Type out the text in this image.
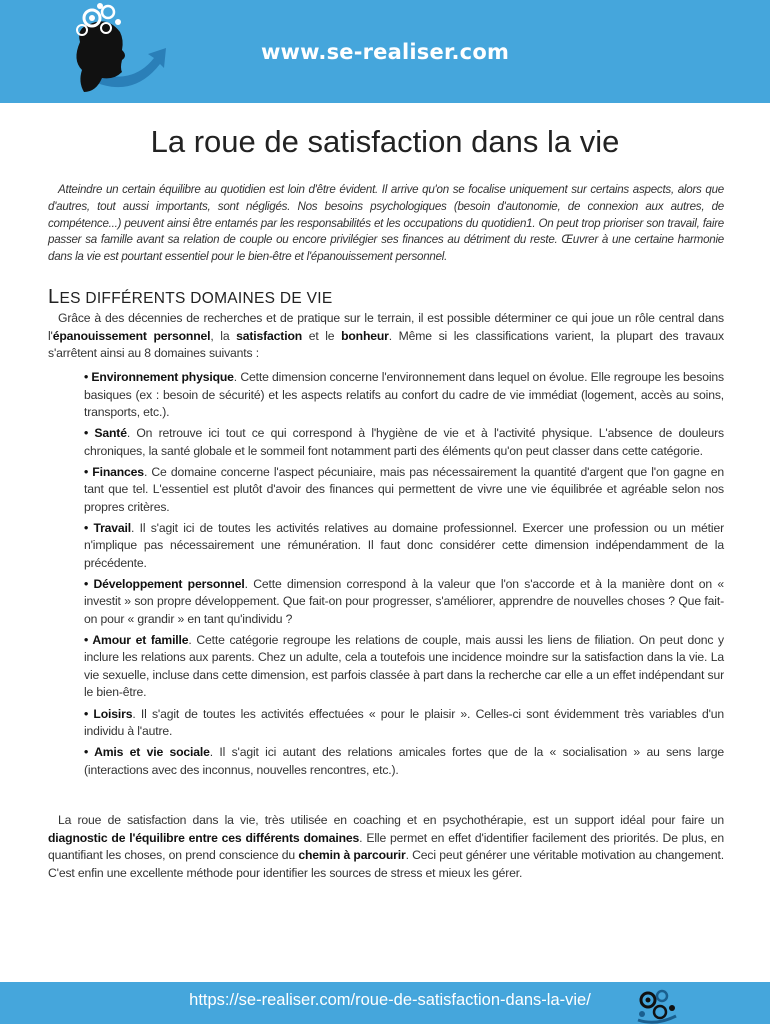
www.se-realiser.com
La roue de satisfaction dans la vie

Atteindre un certain équilibre au quotidien est loin d'être évident. Il arrive qu'on se focalise uniquement sur certains aspects, alors que d'autres, tout aussi importants, sont négligés. Nos besoins psychologiques (besoin d'autonomie, de connexion aux autres, de compétence...) peuvent ainsi être entamés par les responsabilités et les occupations du quotidien1. On peut trop prioriser son travail, faire passer sa famille avant sa relation de couple ou encore privilégier ses finances au détriment du reste. Œuvrer à une certaine harmonie dans la vie est pourtant essentiel pour le bien-être et l'épanouissement personnel.

LES DIFFÉRENTS DOMAINES DE VIE

Grâce à des décennies de recherches et de pratique sur le terrain, il est possible déterminer ce qui joue un rôle central dans l'épanouissement personnel, la satisfaction et le bonheur. Même si les classifications varient, la plupart des travaux s'arrêtent ainsi au 8 domaines suivants :

• Environnement physique. Cette dimension concerne l'environnement dans lequel on évolue. Elle regroupe les besoins basiques (ex : besoin de sécurité) et les aspects relatifs au confort du cadre de vie immédiat (logement, accès au soins, transports, etc.).
• Santé. On retrouve ici tout ce qui correspond à l'hygiène de vie et à l'activité physique. L'absence de douleurs chroniques, la santé globale et le sommeil font notamment parti des éléments qu'on peut classer dans cette catégorie.
• Finances. Ce domaine concerne l'aspect pécuniaire, mais pas nécessairement la quantité d'argent que l'on gagne en tant que tel. L'essentiel est plutôt d'avoir des finances qui permettent de vivre une vie équilibrée et agréable selon nos propres critères.
• Travail. Il s'agit ici de toutes les activités relatives au domaine professionnel. Exercer une profession ou un métier n'implique pas nécessairement une rémunération. Il faut donc considérer cette dimension indépendamment de la précédente.
• Développement personnel. Cette dimension correspond à la valeur que l'on s'accorde et à la manière dont on « investit » son propre développement. Que fait-on pour progresser, s'améliorer, apprendre de nouvelles choses ? Que fait-on pour « grandir » en tant qu'individu ?
• Amour et famille. Cette catégorie regroupe les relations de couple, mais aussi les liens de filiation. On peut donc y inclure les relations aux parents. Chez un adulte, cela a toutefois une incidence moindre sur la satisfaction dans la vie. La vie sexuelle, incluse dans cette dimension, est parfois classée à part dans la recherche car elle a un effet indépendant sur le bien-être.
• Loisirs. Il s'agit de toutes les activités effectuées « pour le plaisir ». Celles-ci sont évidemment très variables d'un individu à l'autre.
• Amis et vie sociale. Il s'agit ici autant des relations amicales fortes que de la « socialisation » au sens large (interactions avec des inconnus, nouvelles rencontres, etc.).

La roue de satisfaction dans la vie, très utilisée en coaching et en psychothérapie, est un support idéal pour faire un diagnostic de l'équilibre entre ces différents domaines. Elle permet en effet d'identifier facilement des priorités. De plus, en quantifiant les choses, on prend conscience du chemin à parcourir. Ceci peut générer une véritable motivation au changement. C'est enfin une excellente méthode pour identifier les sources de stress et mieux les gérer.

https://se-realiser.com/roue-de-satisfaction-dans-la-vie/
